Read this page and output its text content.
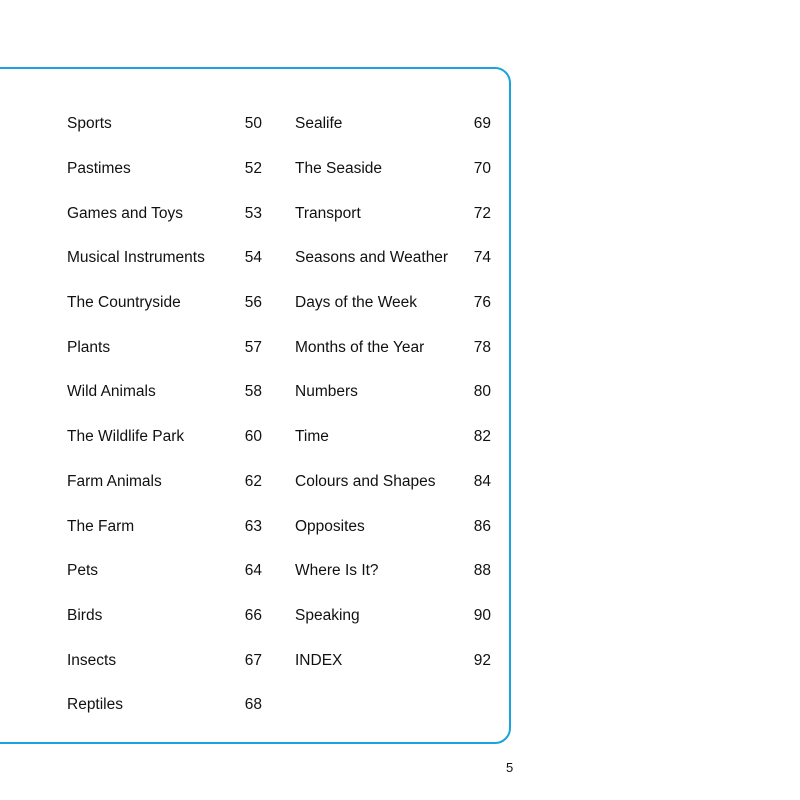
Sports	50
Pastimes	52
Games and Toys	53
Musical Instruments	54
The Countryside	56
Plants	57
Wild Animals	58
The Wildlife Park	60
Farm Animals	62
The Farm	63
Pets	64
Birds	66
Insects	67
Reptiles	68
Sealife	69
The Seaside	70
Transport	72
Seasons and Weather	74
Days of the Week	76
Months of the Year	78
Numbers	80
Time	82
Colours and Shapes	84
Opposites	86
Where Is It?	88
Speaking	90
INDEX	92
5
